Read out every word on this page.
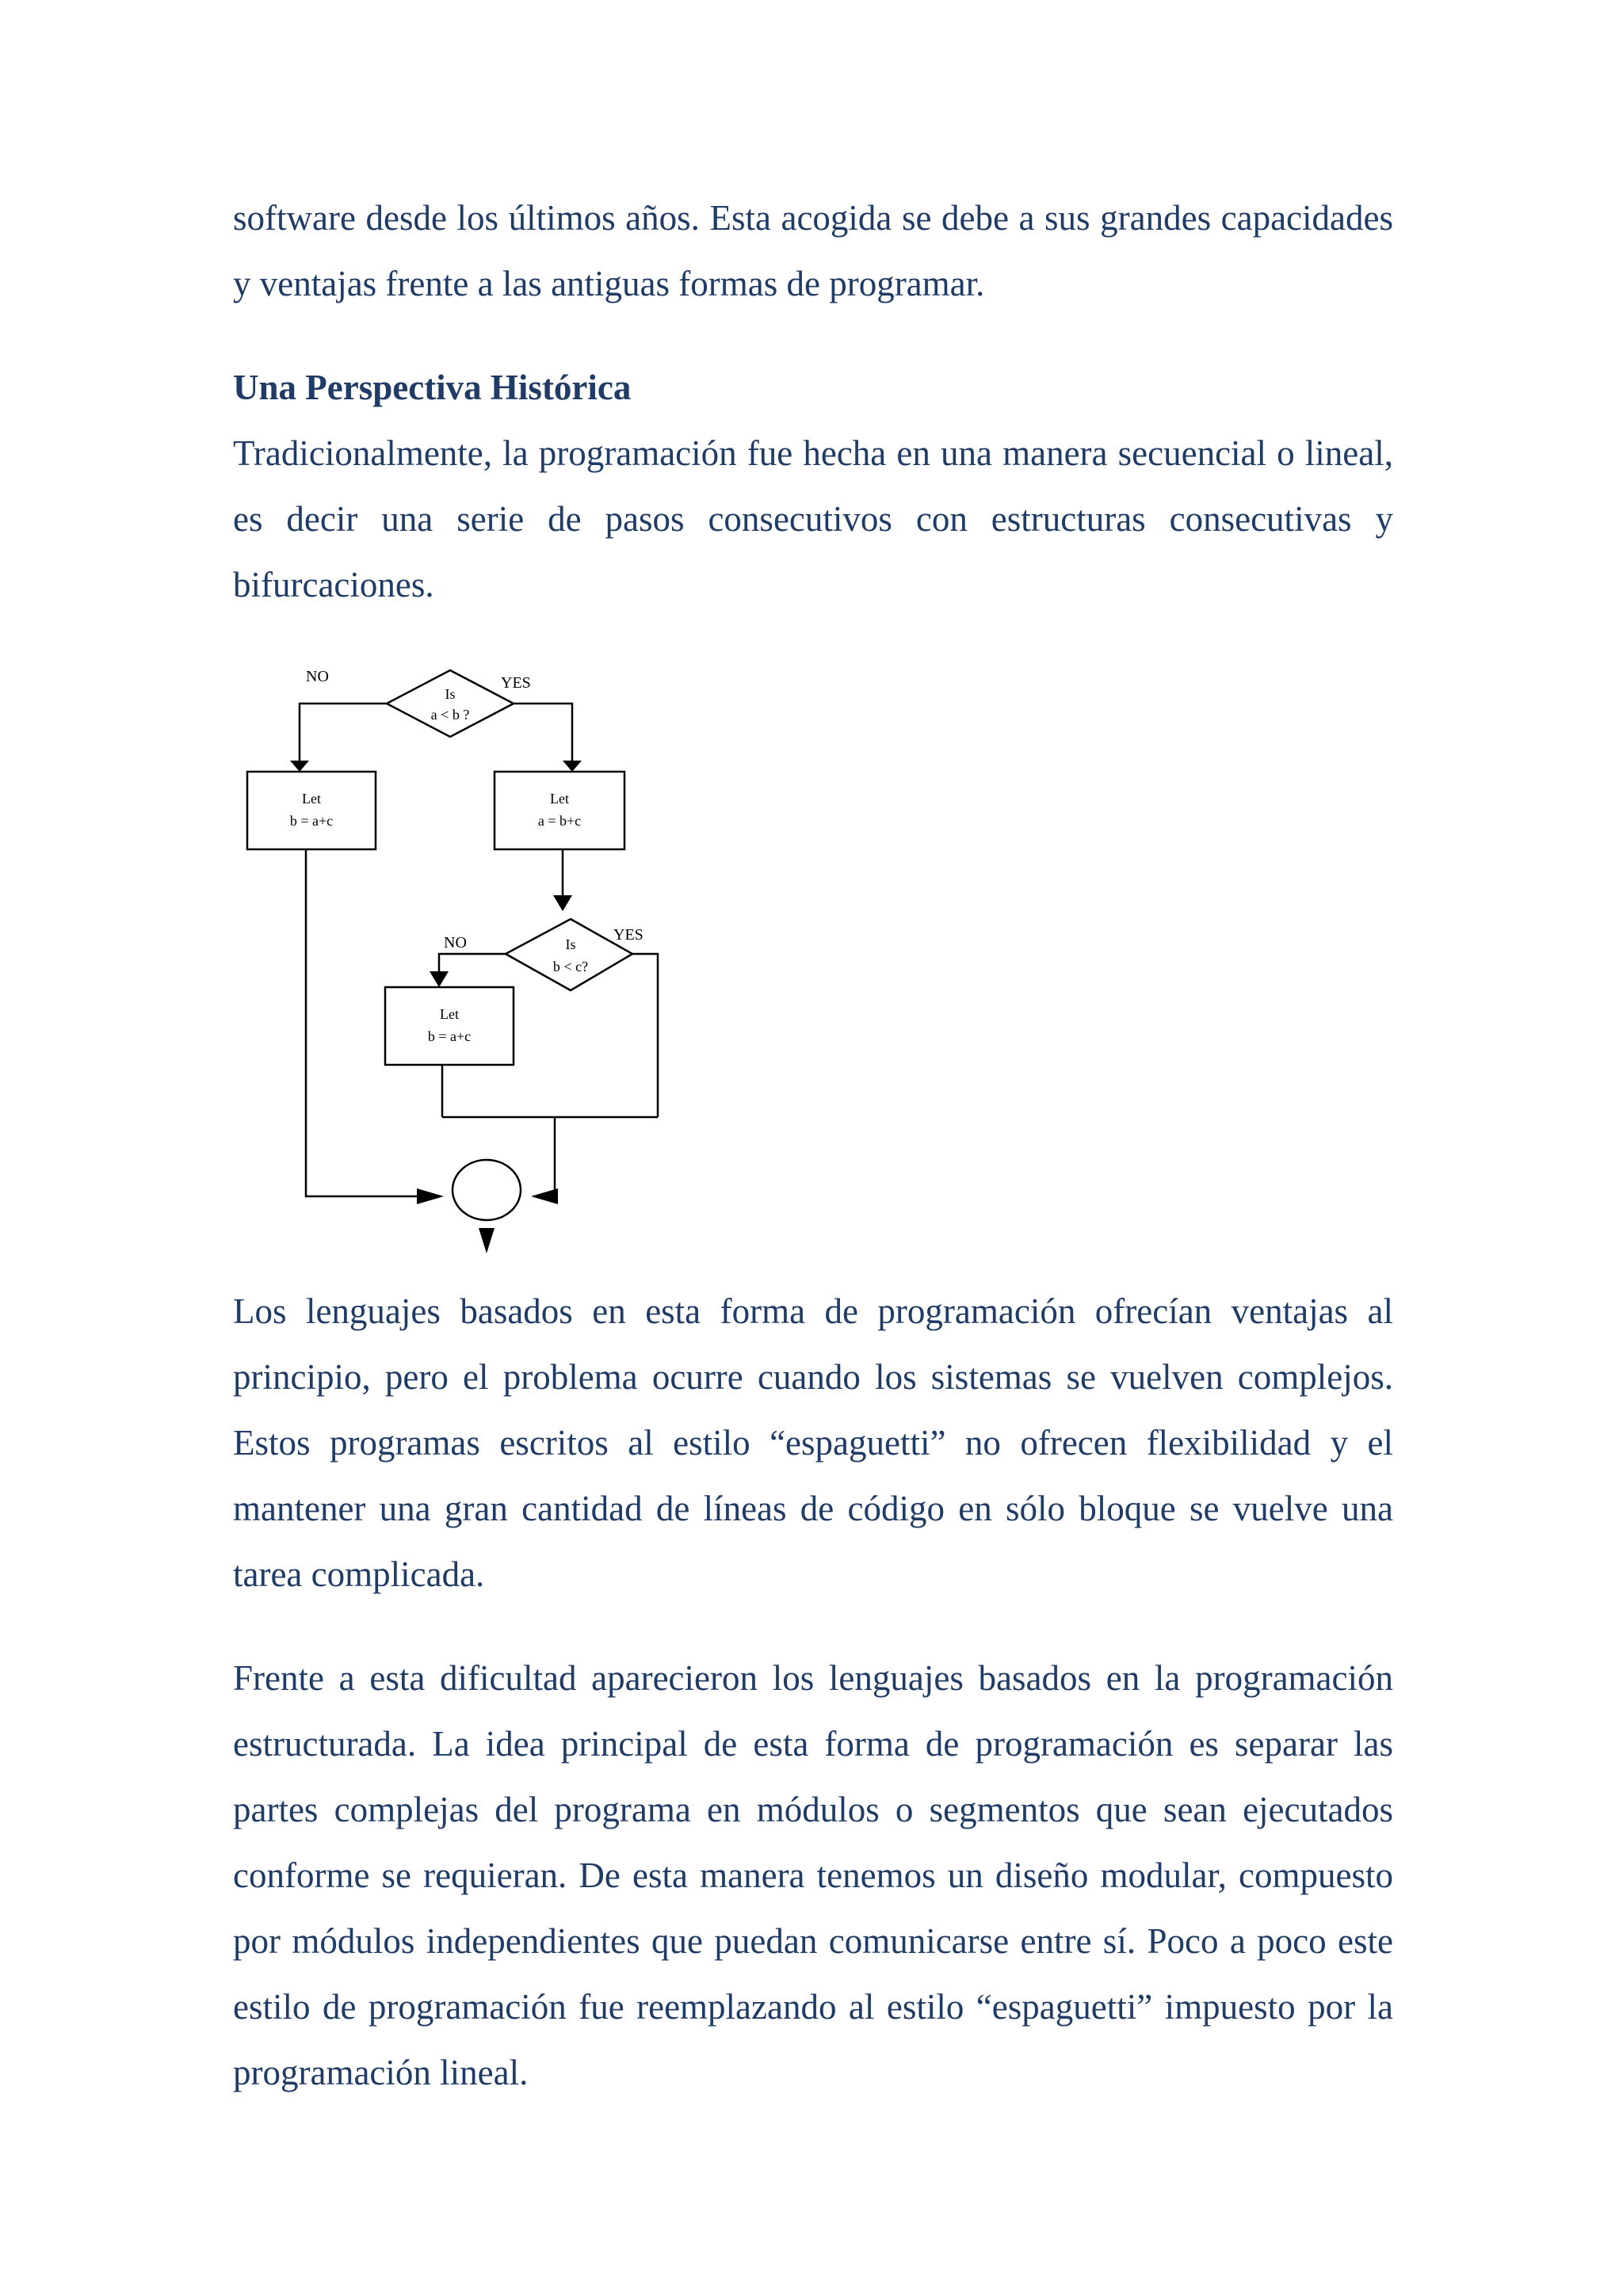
software desde los últimos años. Esta acogida se debe a sus grandes capacidades y ventajas frente a las antiguas formas de programar.

Una Perspectiva Histórica

Tradicionalmente, la programación fue hecha en una manera secuencial o lineal, es decir una serie de pasos consecutivos con estructuras consecutivas y bifurcaciones.

NO	YES
Is
a < b ?
Let
b = a+c
Let
a = b+c
NO	YES
Is
b < c?
Let
b = a+c

Los lenguajes basados en esta forma de programación ofrecían ventajas al principio, pero el problema ocurre cuando los sistemas se vuelven complejos. Estos programas escritos al estilo “espaguetti” no ofrecen flexibilidad y el mantener una gran cantidad de líneas de código en sólo bloque se vuelve una tarea complicada.

Frente a esta dificultad aparecieron los lenguajes basados en la programación estructurada. La idea principal de esta forma de programación es separar las partes complejas del programa en módulos o segmentos que sean ejecutados conforme se requieran. De esta manera tenemos un diseño modular, compuesto por módulos independientes que puedan comunicarse entre sí. Poco a poco este estilo de programación fue reemplazando al estilo “espaguetti” impuesto por la programación lineal.
